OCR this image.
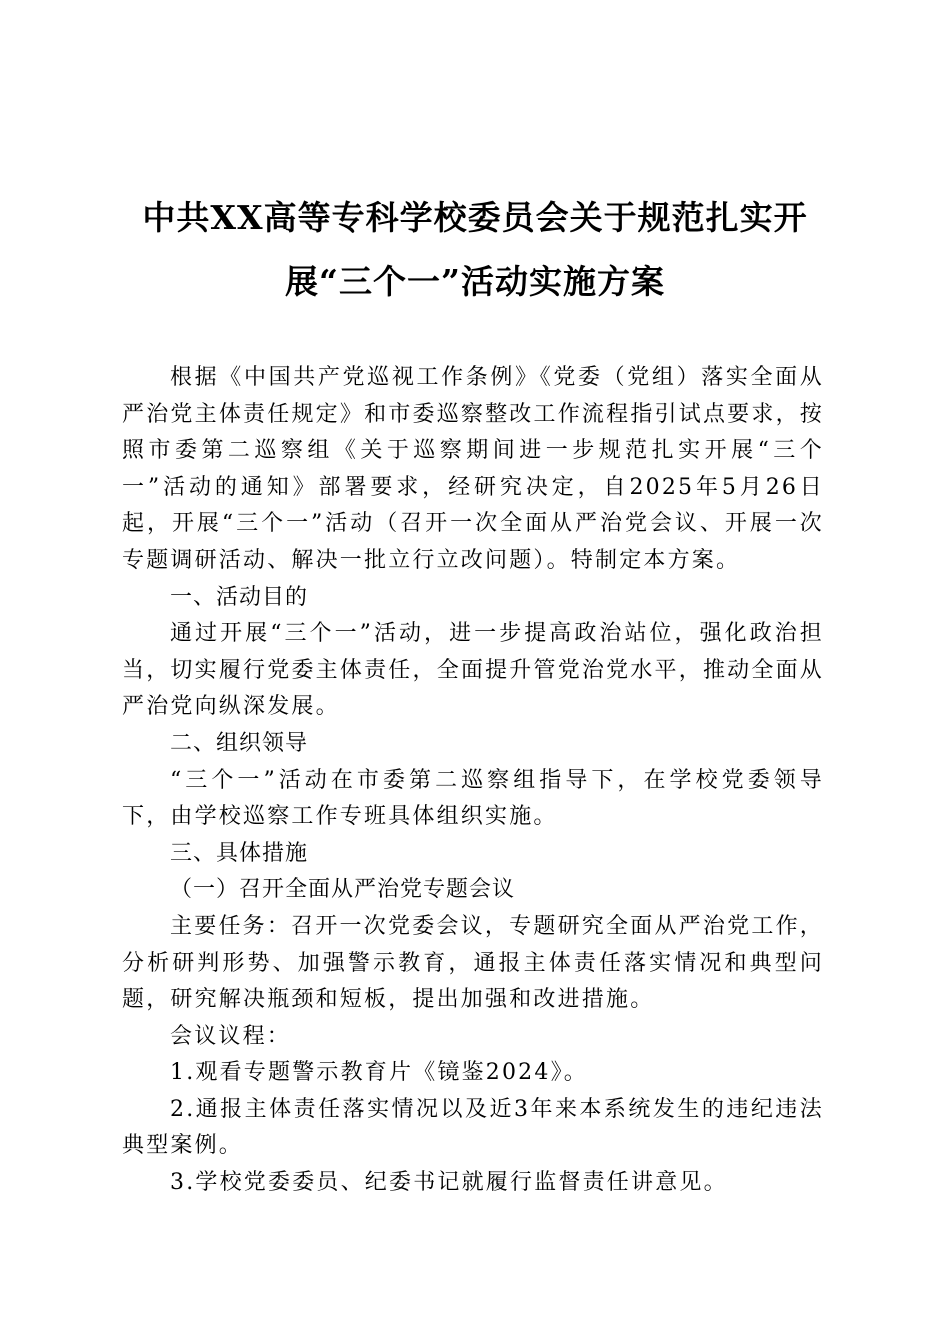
中共XX高等专科学校委员会关于规范扎实开
展“三个一”活动实施方案

根据《中国共产党巡视工作条例》《党委（党组）落实全面从严治党主体责任规定》和市委巡察整改工作流程指引试点要求，按照市委第二巡察组《关于巡察期间进一步规范扎实开展“三个一”活动的通知》部署要求，经研究决定，自2025年5月26日起，开展“三个一”活动（召开一次全面从严治党会议、开展一次专题调研活动、解决一批立行立改问题）。特制定本方案。

一、活动目的

通过开展“三个一”活动，进一步提高政治站位，强化政治担当，切实履行党委主体责任，全面提升管党治党水平，推动全面从严治党向纵深发展。

二、组织领导

“三个一”活动在市委第二巡察组指导下，在学校党委领导下，由学校巡察工作专班具体组织实施。

三、具体措施

（一）召开全面从严治党专题会议

主要任务：召开一次党委会议，专题研究全面从严治党工作，分析研判形势、加强警示教育，通报主体责任落实情况和典型问题，研究解决瓶颈和短板，提出加强和改进措施。

会议议程：

1.观看专题警示教育片《镜鉴2024》。

2.通报主体责任落实情况以及近3年来本系统发生的违纪违法典型案例。

3.学校党委委员、纪委书记就履行监督责任讲意见。
